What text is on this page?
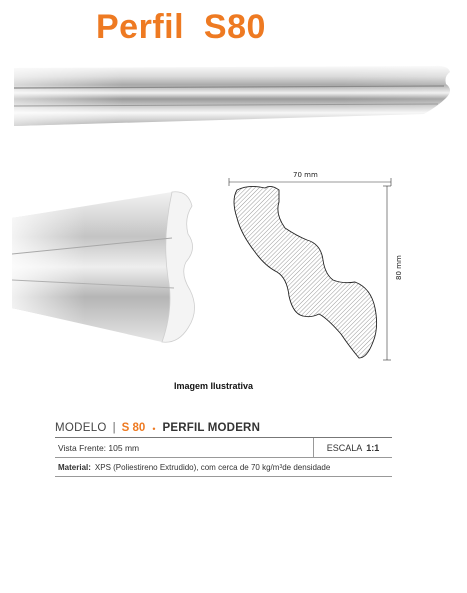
Perfil  S80
70 mm
80 mm
Imagem Ilustrativa
MODELO | S 80 • PERFIL MODERN
Vista Frente: 105 mm	ESCALA 1:1
Material: XPS (Poliestireno Extrudido), com cerca de 70 kg/m 3 de densidade
